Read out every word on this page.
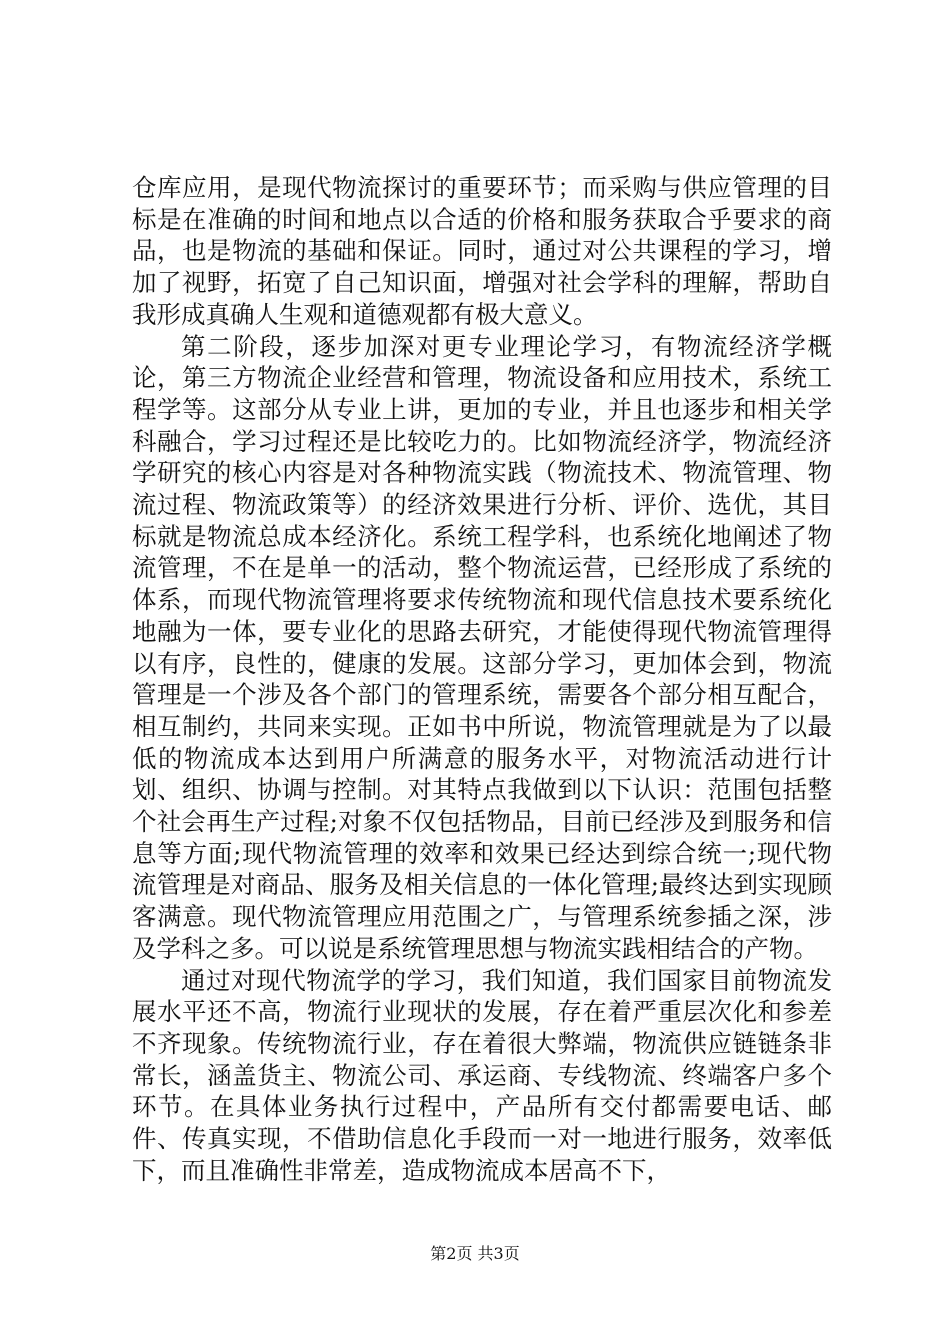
仓库应用，是现代物流探讨的重要环节；而采购与供应管理的目标是在准确的时间和地点以合适的价格和服务获取合乎要求的商品，也是物流的基础和保证。同时，通过对公共课程的学习，增加了视野，拓宽了自己知识面，增强对社会学科的理解，帮助自我形成真确人生观和道德观都有极大意义。

第二阶段，逐步加深对更专业理论学习，有物流经济学概论，第三方物流企业经营和管理，物流设备和应用技术，系统工程学等。这部分从专业上讲，更加的专业，并且也逐步和相关学科融合，学习过程还是比较吃力的。比如物流经济学，物流经济学研究的核心内容是对各种物流实践（物流技术、物流管理、物流过程、物流政策等）的经济效果进行分析、评价、选优，其目标就是物流总成本经济化。系统工程学科，也系统化地阐述了物流管理，不在是单一的活动，整个物流运营，已经形成了系统的体系，而现代物流管理将要求传统物流和现代信息技术要系统化地融为一体，要专业化的思路去研究，才能使得现代物流管理得以有序，良性的，健康的发展。这部分学习，更加体会到，物流管理是一个涉及各个部门的管理系统，需要各个部分相互配合，相互制约，共同来实现。正如书中所说，物流管理就是为了以最低的物流成本达到用户所满意的服务水平，对物流活动进行计划、组织、协调与控制。对其特点我做到以下认识：范围包括整个社会再生产过程;对象不仅包括物品，目前已经涉及到服务和信息等方面;现代物流管理的效率和效果已经达到综合统一;现代物流管理是对商品、服务及相关信息的一体化管理;最终达到实现顾客满意。现代物流管理应用范围之广，与管理系统参插之深，涉及学科之多。可以说是系统管理思想与物流实践相结合的产物。

通过对现代物流学的学习，我们知道，我们国家目前物流发展水平还不高，物流行业现状的发展，存在着严重层次化和参差不齐现象。传统物流行业，存在着很大弊端，物流供应链链条非常长，涵盖货主、物流公司、承运商、专线物流、终端客户多个环节。在具体业务执行过程中，产品所有交付都需要电话、邮件、传真实现，不借助信息化手段而一对一地进行服务，效率低下，而且准确性非常差，造成物流成本居高不下，

第2页 共3页
